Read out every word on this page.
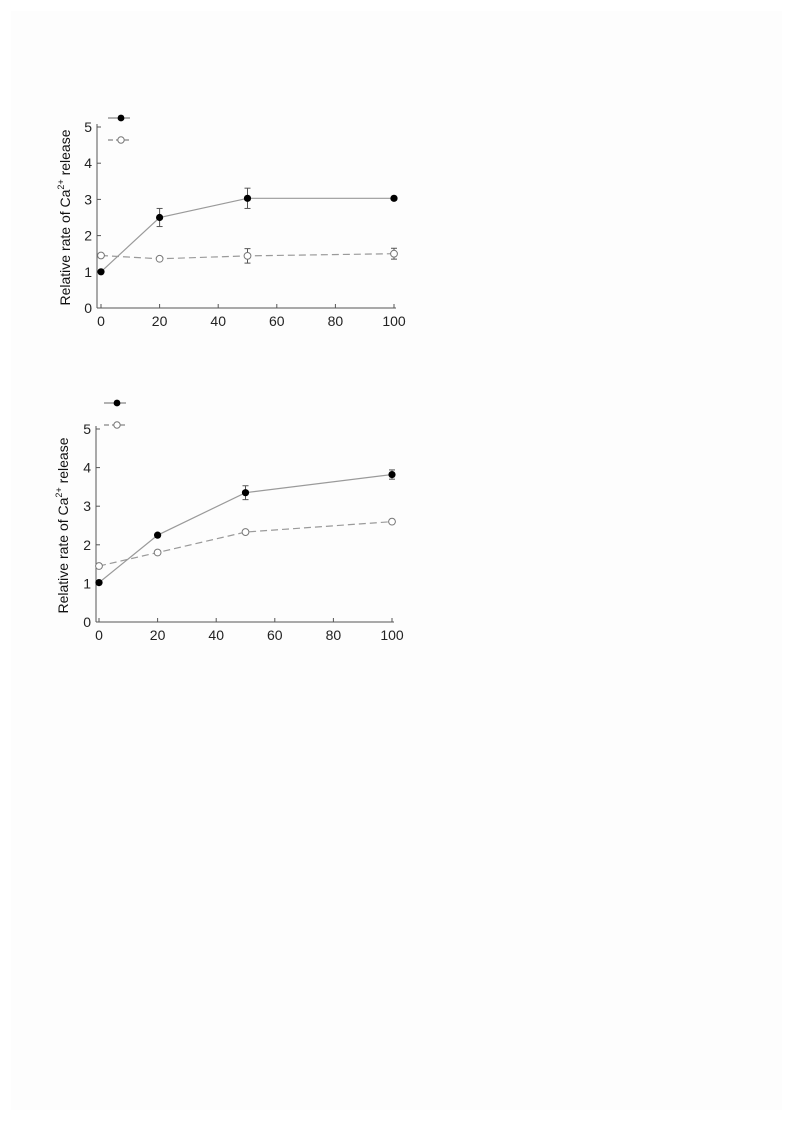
0
1
2
3
4
5
0	20	40	60	80	100
Relative rate of $Ca^{2+}$ release
0
1
2
3
4
5
0	20	40	60	80	100
Relative rate of $Ca^{2+}$ release
